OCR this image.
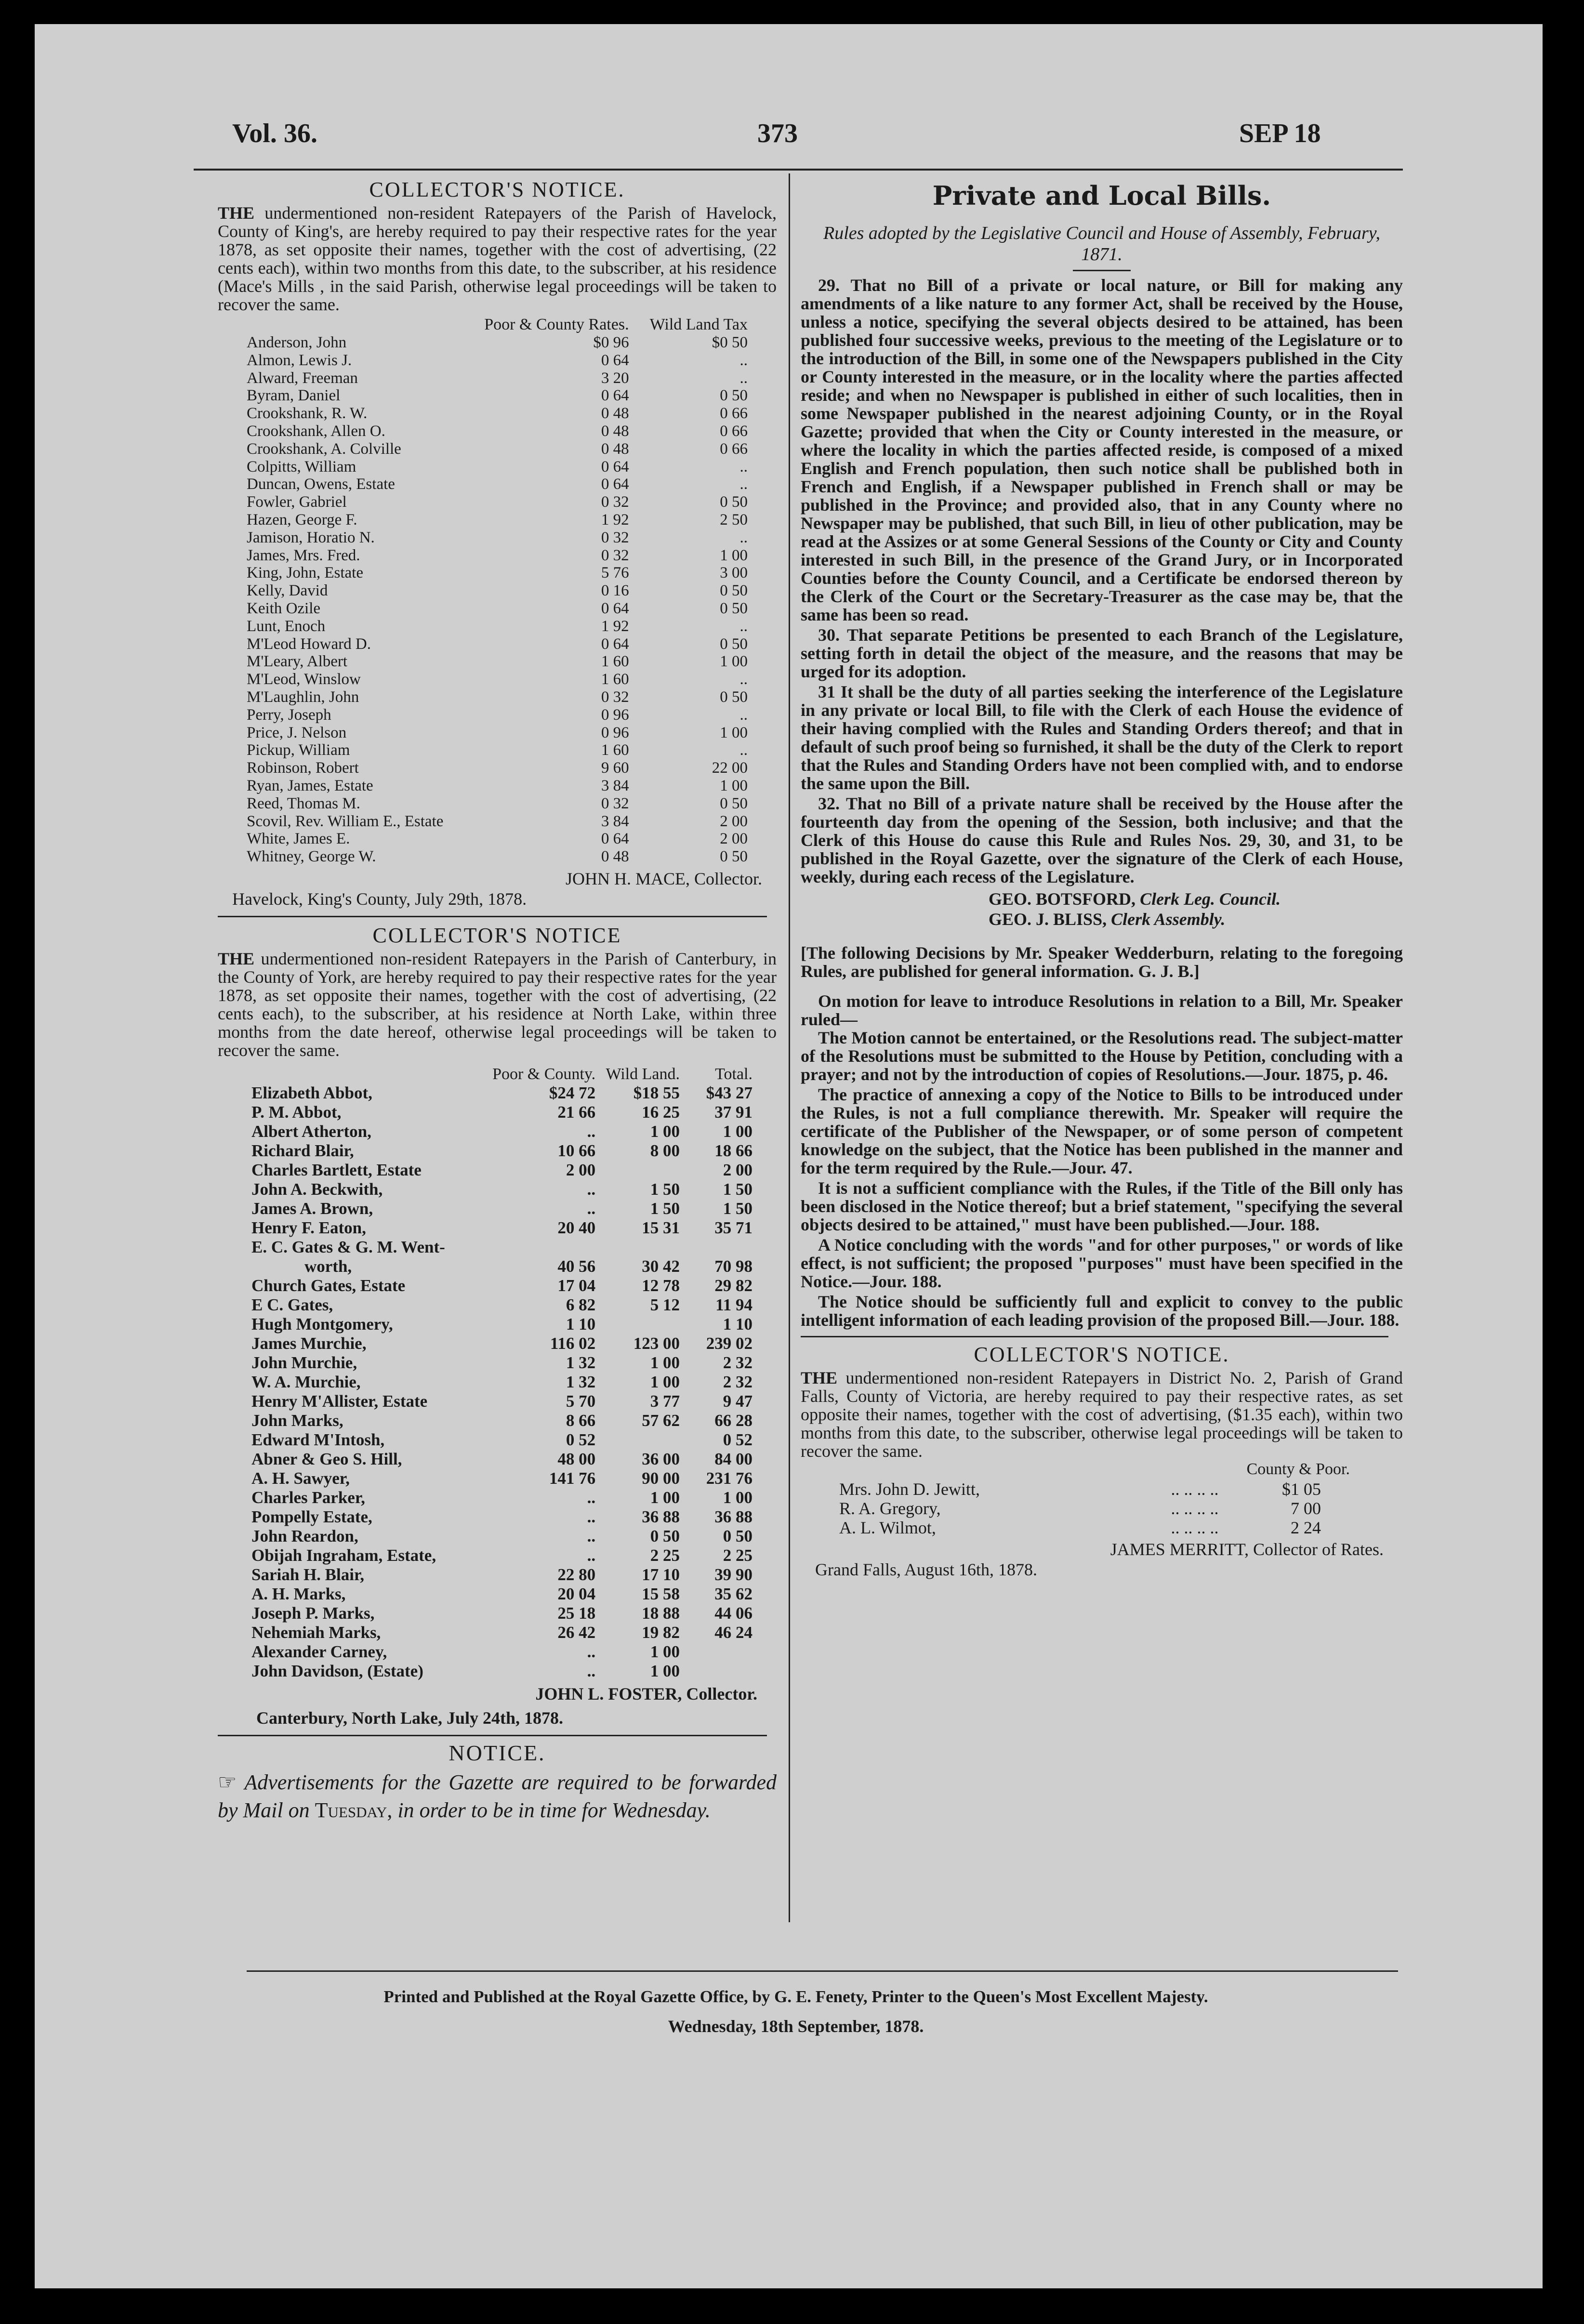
Vol. 36.	373	SEP 18

COLLECTOR'S NOTICE.

THE undermentioned non-resident Ratepayers of the Parish of Havelock, County of King's, are hereby required to pay their respective rates for the year 1878, as set opposite their names, together with the cost of advertising, (22 cents each), within two months from this date, to the subscriber, at his residence (Mace's Mills , in the said Parish, otherwise legal proceedings will be taken to recover the same.

	Poor & County Rates.	Wild Land Tax
Anderson, John	$0 96	$0 50
Almon, Lewis J.	0 64	..
Alward, Freeman	3 20	..
Byram, Daniel	0 64	0 50
Crookshank, R. W.	0 48	0 66
Crookshank, Allen O.	0 48	0 66
Crookshank, A. Colville	0 48	0 66
Colpitts, William	0 64	..
Duncan, Owens, Estate	0 64	..
Fowler, Gabriel	0 32	0 50
Hazen, George F.	1 92	2 50
Jamison, Horatio N.	0 32	..
James, Mrs. Fred.	0 32	1 00
King, John, Estate	5 76	3 00
Kelly, David	0 16	0 50
Keith Ozile	0 64	0 50
Lunt, Enoch	1 92	..
M'Leod Howard D.	0 64	0 50
M'Leary, Albert	1 60	1 00
M'Leod, Winslow	1 60	..
M'Laughlin, John	0 32	0 50
Perry, Joseph	0 96	..
Price, J. Nelson	0 96	1 00
Pickup, William	1 60	..
Robinson, Robert	9 60	22 00
Ryan, James, Estate	3 84	1 00
Reed, Thomas M.	0 32	0 50
Scovil, Rev. William E., Estate	3 84	2 00
White, James E.	0 64	2 00
Whitney, George W.	0 48	0 50
JOHN H. MACE, Collector.
Havelock, King's County, July 29th, 1878.

COLLECTOR'S NOTICE

THE undermentioned non-resident Ratepayers in the Parish of Canterbury, in the County of York, are hereby required to pay their respective rates for the year 1878, as set opposite their names, together with the cost of advertising, (22 cents each), to the subscriber, at his residence at North Lake, within three months from the date hereof, otherwise legal proceedings will be taken to recover the same.

	Poor & County.	Wild Land.	Total.
Elizabeth Abbot,	$24 72	$18 55	$43 27
P. M. Abbot,	21 66	16 25	37 91
Albert Atherton,	..	1 00	1 00
Richard Blair,	10 66	8 00	18 66
Charles Bartlett, Estate	2 00		2 00
John A. Beckwith,	..	1 50	1 50
James A. Brown,	..	1 50	1 50
Henry F. Eaton,	20 40	15 31	35 71
E. C. Gates & G. M. Went-			
worth,	40 56	30 42	70 98
Church Gates, Estate	17 04	12 78	29 82
E C. Gates,	6 82	5 12	11 94
Hugh Montgomery,	1 10		1 10
James Murchie,	116 02	123 00	239 02
John Murchie,	1 32	1 00	2 32
W. A. Murchie,	1 32	1 00	2 32
Henry M'Allister, Estate	5 70	3 77	9 47
John Marks,	8 66	57 62	66 28
Edward M'Intosh,	0 52		0 52
Abner & Geo S. Hill,	48 00	36 00	84 00
A. H. Sawyer,	141 76	90 00	231 76
Charles Parker,	..	1 00	1 00
Pompelly Estate,	..	36 88	36 88
John Reardon,	..	0 50	0 50
Obijah Ingraham, Estate,	..	2 25	2 25
Sariah H. Blair,	22 80	17 10	39 90
A. H. Marks,	20 04	15 58	35 62
Joseph P. Marks,	25 18	18 88	44 06
Nehemiah Marks,	26 42	19 82	46 24
Alexander Carney,	..	1 00	
John Davidson, (Estate)	..	1 00	
JOHN L. FOSTER, Collector.
Canterbury, North Lake, July 24th, 1878.

NOTICE.

☞ Advertisements for the Gazette are required to be forwarded by Mail on Tuesday, in order to be in time for Wednesday.

Private and Local Bills.

Rules adopted by the Legislative Council and House of Assembly, February, 1871.

29. That no Bill of a private or local nature, or Bill for making any amendments of a like nature to any former Act, shall be received by the House, unless a notice, specifying the several objects desired to be attained, has been published four successive weeks, previous to the meeting of the Legislature or to the introduction of the Bill, in some one of the Newspapers published in the City or County interested in the measure, or in the locality where the parties affected reside; and when no Newspaper is published in either of such localities, then in some Newspaper published in the nearest adjoining County, or in the Royal Gazette; provided that when the City or County interested in the measure, or where the locality in which the parties affected reside, is composed of a mixed English and French population, then such notice shall be published both in French and English, if a Newspaper published in French shall or may be published in the Province; and provided also, that in any County where no Newspaper may be published, that such Bill, in lieu of other publication, may be read at the Assizes or at some General Sessions of the County or City and County interested in such Bill, in the presence of the Grand Jury, or in Incorporated Counties before the County Council, and a Certificate be endorsed thereon by the Clerk of the Court or the Secretary-Treasurer as the case may be, that the same has been so read.

30. That separate Petitions be presented to each Branch of the Legislature, setting forth in detail the object of the measure, and the reasons that may be urged for its adoption.

31 It shall be the duty of all parties seeking the interference of the Legislature in any private or local Bill, to file with the Clerk of each House the evidence of their having complied with the Rules and Standing Orders thereof; and that in default of such proof being so furnished, it shall be the duty of the Clerk to report that the Rules and Standing Orders have not been complied with, and to endorse the same upon the Bill.

32. That no Bill of a private nature shall be received by the House after the fourteenth day from the opening of the Session, both inclusive; and that the Clerk of this House do cause this Rule and Rules Nos. 29, 30, and 31, to be published in the Royal Gazette, over the signature of the Clerk of each House, weekly, during each recess of the Legislature.

GEO. BOTSFORD, Clerk Leg. Council.
GEO. J. BLISS, Clerk Assembly.

[The following Decisions by Mr. Speaker Wedderburn, relating to the foregoing Rules, are published for general information. G. J. B.]

On motion for leave to introduce Resolutions in relation to a Bill, Mr. Speaker ruled—

The Motion cannot be entertained, or the Resolutions read. The subject-matter of the Resolutions must be submitted to the House by Petition, concluding with a prayer; and not by the introduction of copies of Resolutions.—Jour. 1875, p. 46.

The practice of annexing a copy of the Notice to Bills to be introduced under the Rules, is not a full compliance therewith. Mr. Speaker will require the certificate of the Publisher of the Newspaper, or of some person of competent knowledge on the subject, that the Notice has been published in the manner and for the term required by the Rule.—Jour. 47.

It is not a sufficient compliance with the Rules, if the Title of the Bill only has been disclosed in the Notice thereof; but a brief statement, "specifying the several objects desired to be attained," must have been published.—Jour. 188.

A Notice concluding with the words "and for other purposes," or words of like effect, is not sufficient; the proposed "purposes" must have been specified in the Notice.—Jour. 188.

The Notice should be sufficiently full and explicit to convey to the public intelligent information of each leading provision of the proposed Bill.—Jour. 188.

COLLECTOR'S NOTICE.

THE undermentioned non-resident Ratepayers in District No. 2, Parish of Grand Falls, County of Victoria, are hereby required to pay their respective rates, as set opposite their names, together with the cost of advertising, ($1.35 each), within two months from this date, to the subscriber, otherwise legal proceedings will be taken to recover the same.

County & Poor.
Mrs. John D. Jewitt,	.. .. .. ..	$1 05
R. A. Gregory,	.. .. .. ..	7 00
A. L. Wilmot,	.. .. .. ..	2 24
JAMES MERRITT, Collector of Rates.
Grand Falls, August 16th, 1878.
Printed and Published at the Royal Gazette Office, by G. E. Fenety, Printer to the Queen's Most Excellent Majesty.
Wednesday, 18th September, 1878.
